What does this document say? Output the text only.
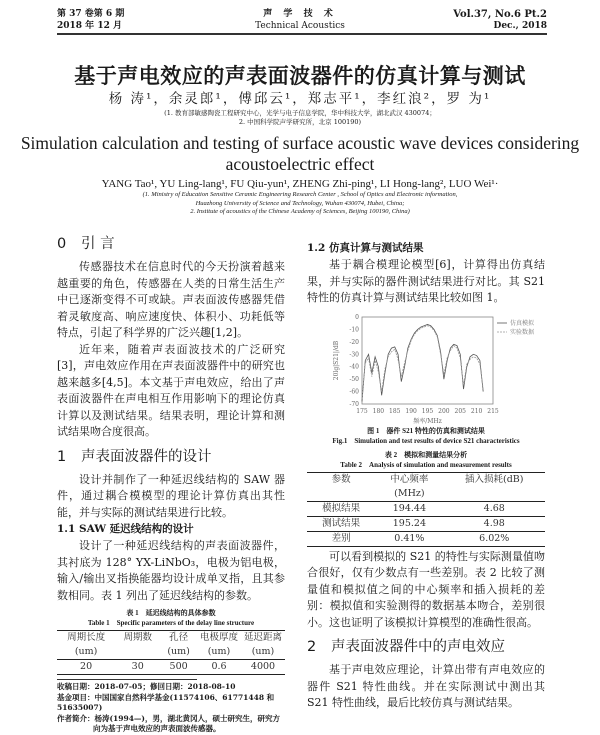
第 37 卷第 6 期
2018 年 12 月
声 学 技 术
Technical Acoustics
Vol.37, No.6 Pt.2
Dec., 2018
基于声电效应的声表面波器件的仿真计算与测试
杨 涛¹，余灵郎¹，傅邱云¹，郑志平¹，李红浪²，罗 为¹
(1. 教育部敏感陶瓷工程研究中心，光学与电子信息学院，华中科技大学，湖北武汉 430074；
2. 中国科学院声学研究所，北京 100190)
Simulation calculation and testing of surface acoustic wave devices considering acoustoelectric effect
YANG Tao¹, YU Ling-lang¹, FU Qiu-yun¹, ZHENG Zhi-ping¹, LI Hong-lang², LUO Wei¹·
(1. Ministry of Education Sensitive Ceramic Engineering Research Center , School of Optics and Electronic information,
Huazhong University of Science and Technology, Wuhan 430074, Hubei, China;
2. Institute of acoustics of the Chinese Academy of Sciences, Beijing 100190, China)
0 引 言
传感器技术在信息时代的今天扮演着越来越重要的角色，传感器在人类的日常生活生产中已逐渐变得不可或缺。声表面波传感器凭借着灵敏度高、响应速度快、体积小、功耗低等特点，引起了科学界的广泛兴趣[1,2]。
近年来，随着声表面波技术的广泛研究[3]，声电效应作用在声表面波器件中的研究也越来越多[4,5]。本文基于声电效应，给出了声表面波器件在声电相互作用影响下的理论仿真计算以及测试结果。结果表明，理论计算和测试结果吻合度很高。
1 声表面波器件的设计
设计并制作了一种延迟线结构的 SAW 器件，通过耦合模模型的理论计算仿真出其性能，并与实际的测试结果进行比较。
1.1 SAW 延迟线结构的设计
设计了一种延迟线结构的声表面波器件，其衬底为 128° YX-LiNbO₃，电极为铝电极，输入/输出叉指换能器均设计成单叉指，且其参数相同。表 1 列出了延迟线结构的参数。
表 1　延迟线结构的具体参数
Table 1　Specific parameters of the delay line structure
周期长度	周期数	孔径	电极厚度	延迟距离
(um)		(um)	(um)	(um)
20	30	500	0.6	4000
收稿日期：2018-07-05；修回日期：2018-08-10
基金项目：中国国家自然科学基金(11574106、61771448 和 51635007)
作者简介：杨涛(1994—)，男，湖北黄冈人，硕士研究生，研究方向为基于声电效应的声表面波传感器。
1.2 仿真计算与测试结果
基于耦合模理论模型[6]，计算得出仿真结果，并与实际的器件测试结果进行对比。其 S21 特性的仿真计算与测试结果比较如图 1。
175 180 185 190 195 200 205 210 215
0
-10
-20
-30
-40
-50
-60
-70
频率/MHz
20lg|S21|/dB
仿真模拟
实验数据
图 1　器件 S21 特性的仿真和测试结果
Fig.1　Simulation and test results of device S21 characteristics
表 2　模拟和测量结果分析
Table 2　Analysis of simulation and measurement results
参数	中心频率	插入损耗(dB)
	(MHz)	
模拟结果	194.44	4.68
测试结果	195.24	4.98
差别	0.41%	6.02%
可以看到模拟的 S21 的特性与实际测量值吻合很好，仅有少数点有一些差别。表 2 比较了测量值和模拟值之间的中心频率和插入损耗的差别：模拟值和实验测得的数据基本吻合，差别很小。这也证明了该模拟计算模型的准确性很高。
2 声表面波器件中的声电效应
基于声电效应理论，计算出带有声电效应的器件 S21 特性曲线。并在实际测试中测出其 S21 特性曲线，最后比较仿真与测试结果。
